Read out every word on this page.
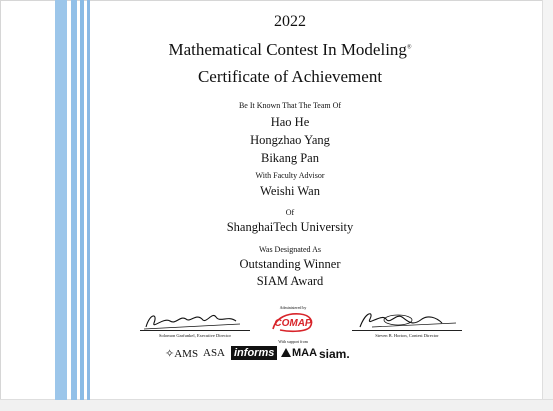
2022
Mathematical Contest In Modeling®
Certificate of Achievement
Be It Known That The Team Of
Hao He
Hongzhao Yang
Bikang Pan
With Faculty Advisor
Weishi Wan
Of
ShanghaiTech University
Was Designated As
Outstanding Winner
SIAM Award
Solomon Garfunkel, Executive Director
Administered by
COMAP
With support from
Steven B. Horton, Contest Director
✧AMS ASA informs	MAA siam.
